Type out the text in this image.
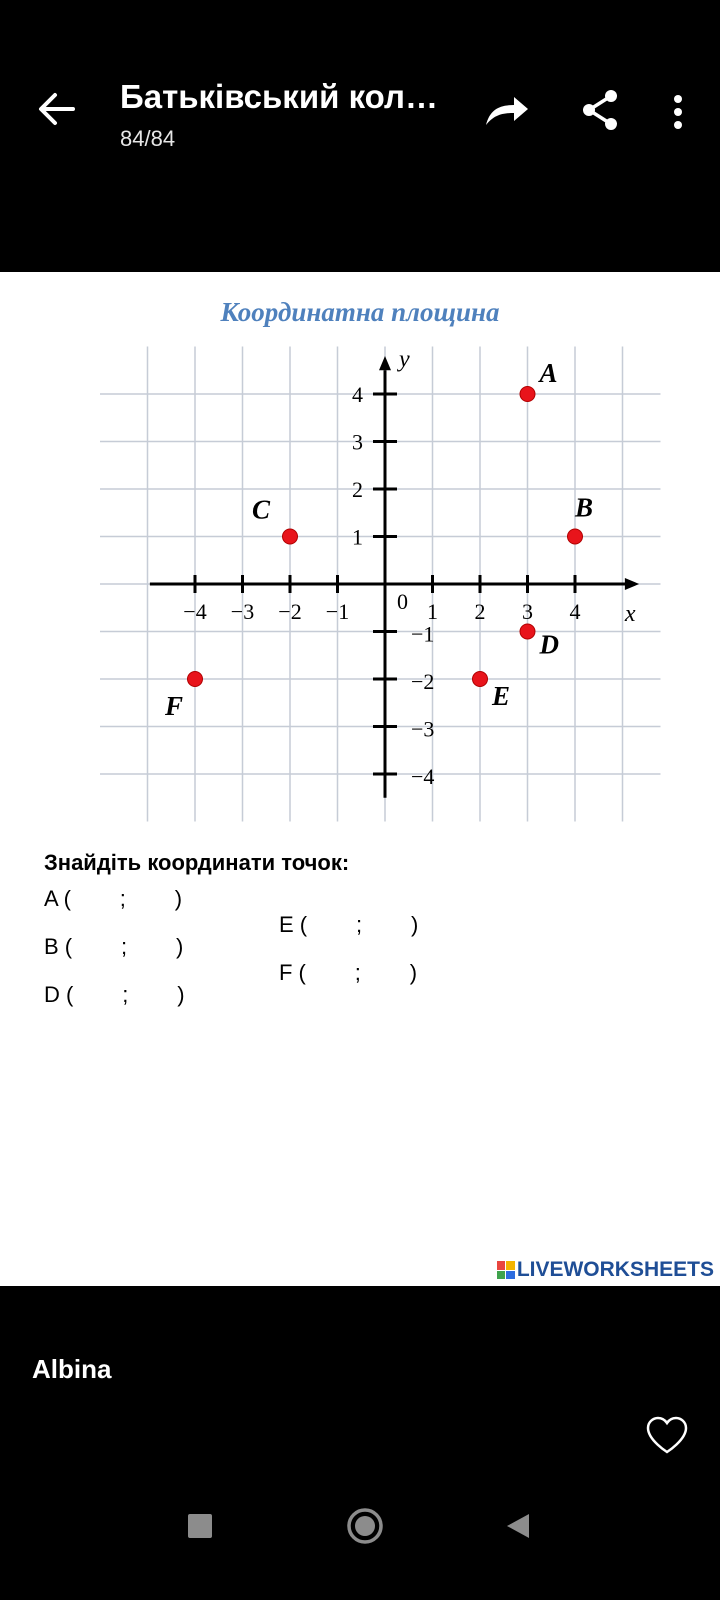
Батьківський кол…
84/84
Координатна площина
−4 −3 −2 −1	1 2 3 4
4
3
2
1
−1
−2
−3
−4
0	x
y	A
B
C
D
E
F
Знайдіть координати точок:
A (        ;        )
B (        ;        )
D (        ;        )
E (        ;        )
F (        ;        )
LIVEWORKSHEETS
Albina
